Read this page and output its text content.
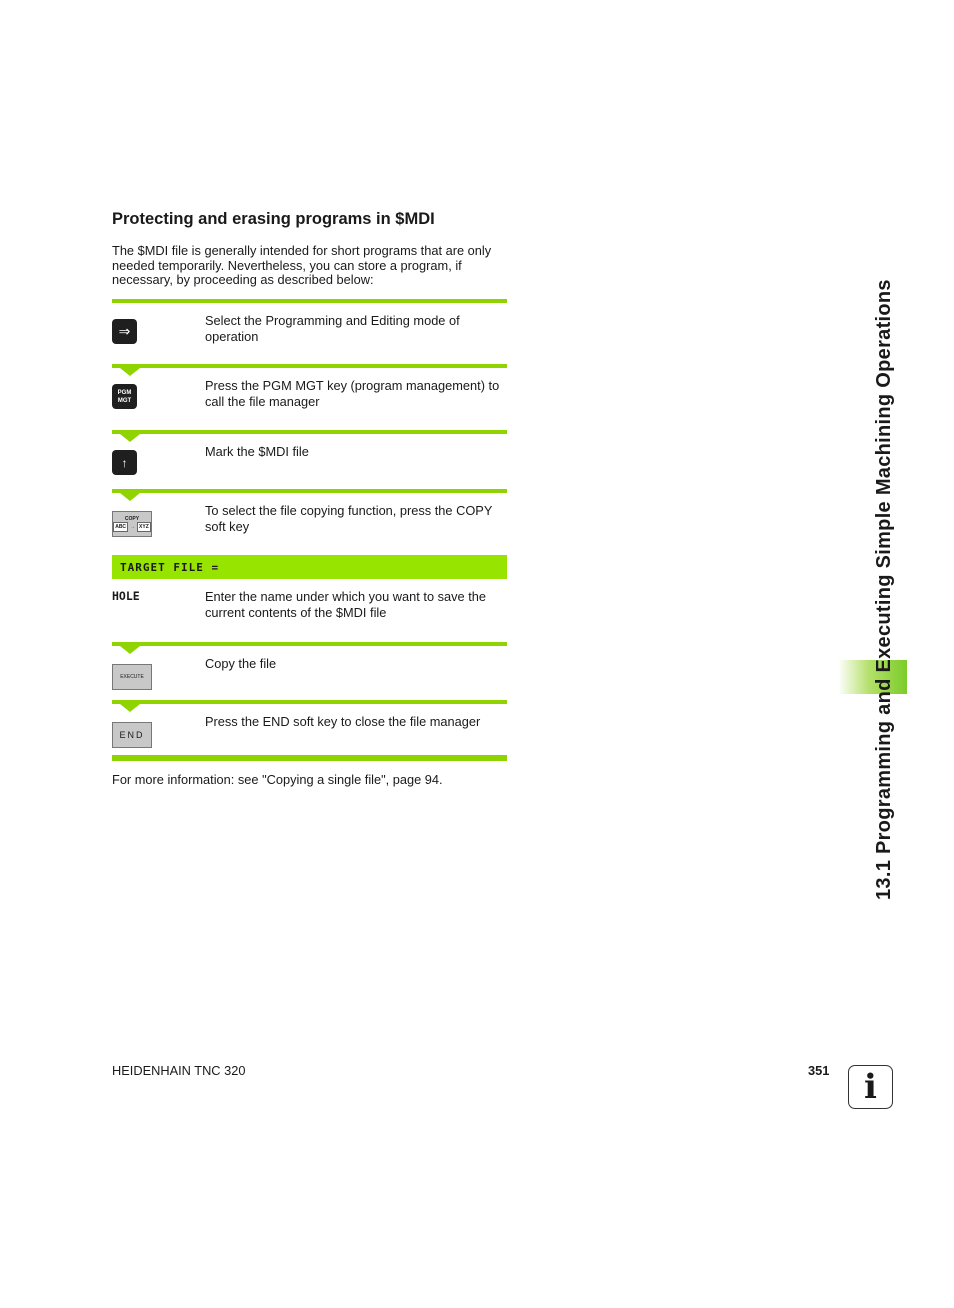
Protecting and erasing programs in $MDI

The $MDI file is generally intended for short programs that are only needed temporarily. Nevertheless, you can store a program, if necessary, by proceeding as described below:

⇒
Select the Programming and Editing mode of operation
PGM
MGT
Press the PGM MGT key (program management) to call the file manager
↑
Mark the $MDI file
COPY
ABC → XYZ
To select the file copying function, press the COPY soft key
TARGET FILE =
HOLE	Enter the name under which you want to save the current contents of the $MDI file
EXECUTE
Copy the file
END
Press the END soft key to close the file manager

For more information: see "Copying a single file", page 94.	13.1 Programming and Executing Simple Machining Operations
HEIDENHAIN TNC 320	351	i
